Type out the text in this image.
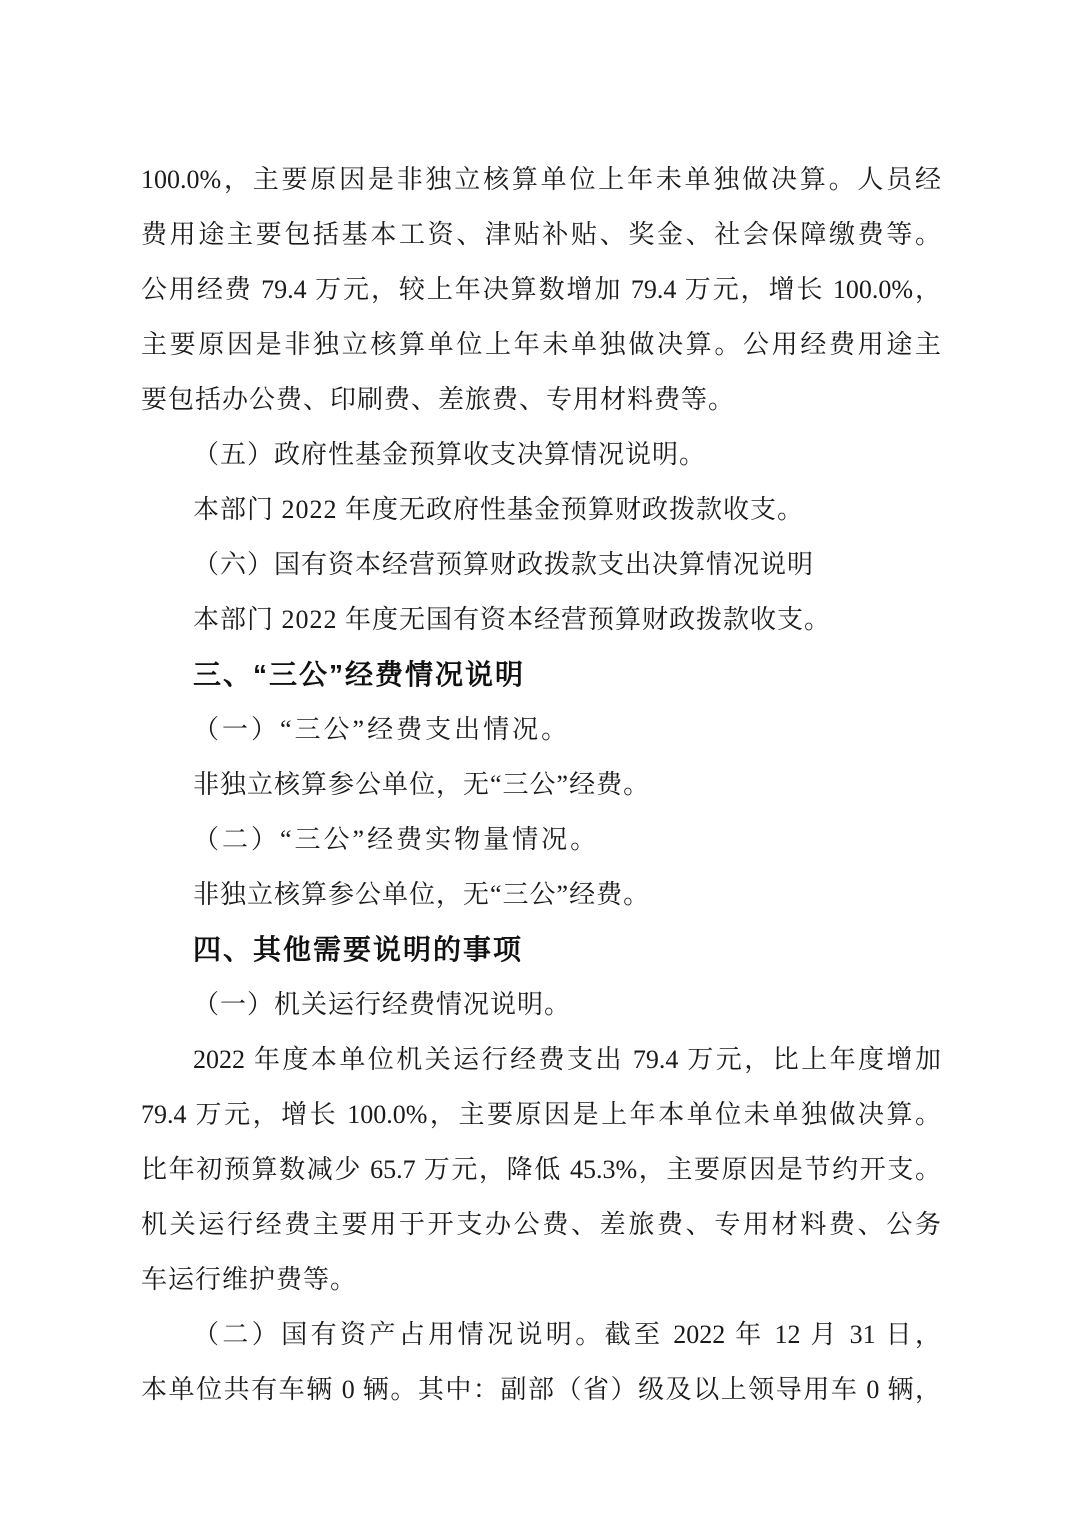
100.0%，主要原因是非独立核算单位上年未单独做决算。人员经
费用途主要包括基本工资、津贴补贴、奖金、社会保障缴费等。
公用经费 79.4 万元，较上年决算数增加 79.4 万元，增长 100.0%，
主要原因是非独立核算单位上年未单独做决算。公用经费用途主
要包括办公费、印刷费、差旅费、专用材料费等。
（五）政府性基金预算收支决算情况说明。
本部门 2022 年度无政府性基金预算财政拨款收支。
（六）国有资本经营预算财政拨款支出决算情况说明
本部门 2022 年度无国有资本经营预算财政拨款收支。
三、“三公”经费情况说明
（一）“三公”经费支出情况。
非独立核算参公单位，无“三公”经费。
（二）“三公”经费实物量情况。
非独立核算参公单位，无“三公”经费。
四、其他需要说明的事项
（一）机关运行经费情况说明。
2022 年度本单位机关运行经费支出 79.4 万元，比上年度增加
79.4 万元，增长 100.0%，主要原因是上年本单位未单独做决算。
比年初预算数减少 65.7 万元，降低 45.3%，主要原因是节约开支。
机关运行经费主要用于开支办公费、差旅费、专用材料费、公务
车运行维护费等。
（二）国有资产占用情况说明。截至 2022 年 12 月 31 日，
本单位共有车辆 0 辆。其中：副部（省）级及以上领导用车 0 辆，
